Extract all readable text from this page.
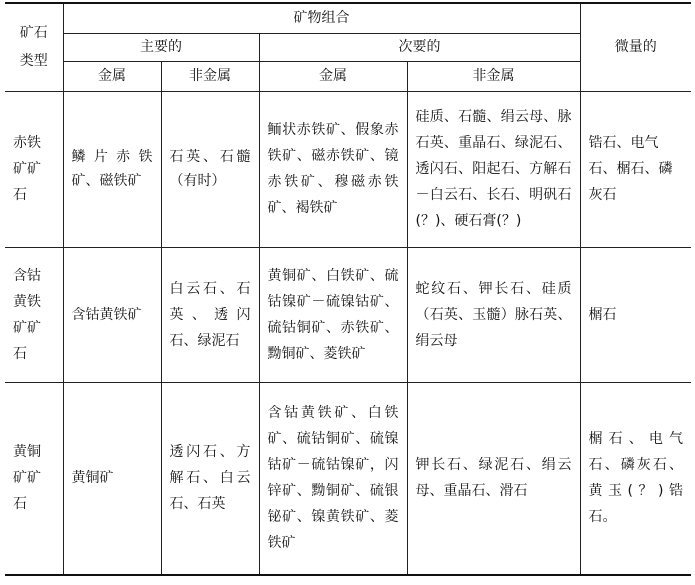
矿石
类型	矿物组合				微量的
	主要的		次要的		
	金属	非金属	金属	非金属	
赤铁矿矿石	鳞片赤铁矿、磁铁矿	石英、石髓（有时）	鲕状赤铁矿、假象赤铁矿、磁赤铁矿、镜赤铁矿、穆磁赤铁矿、褐铁矿	硅质、石髓、绢云母、脉石英、重晶石、绿泥石、透闪石、阳起石、方解石－白云石、长石、明矾石(？)、硬石膏(？)	锆石、电气石、榍石、磷灰石
含钴黄铁矿矿石	含钴黄铁矿	白云石、石英、透闪石、绿泥石	黄铜矿、白铁矿、硫钴镍矿－硫镍钴矿、硫钴铜矿、赤铁矿、黝铜矿、菱铁矿	蛇纹石、钾长石、硅质（石英、玉髓）脉石英、绢云母	榍石
黄铜矿矿石	黄铜矿	透闪石、方解石、白云石、石英	含钴黄铁矿、白铁矿、硫钴铜矿、硫镍钴矿－硫钴镍矿，闪锌矿、黝铜矿、硫银铋矿、镍黄铁矿、菱铁矿	钾长石、绿泥石、绢云母、重晶石、滑石	榍石、电气石、磷灰石、黄玉(？)锆石。
